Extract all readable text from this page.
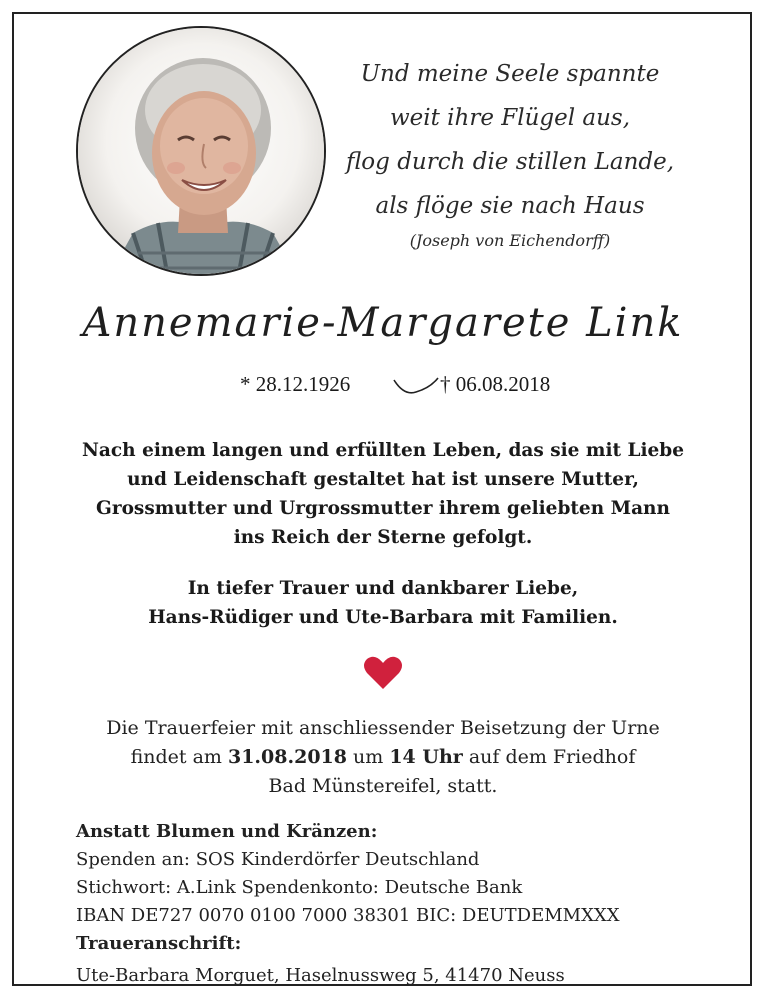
Und meine Seele spannte
weit ihre Flügel aus,
flog durch die stillen Lande,
als flöge sie nach Haus
(Joseph von Eichendorff)
Annemarie-Margarete Link
* 28.12.1926	† 06.08.2018

Nach einem langen und erfüllten Leben, das sie mit Liebe

und Leidenschaft gestaltet hat ist unsere Mutter,

Grossmutter und Urgrossmutter ihrem geliebten Mann

ins Reich der Sterne gefolgt.

In tiefer Trauer und dankbarer Liebe,

Hans-Rüdiger und Ute-Barbara mit Familien.

Die Trauerfeier mit anschliessender Beisetzung der Urne

findet am 31.08.2018 um 14 Uhr auf dem Friedhof

Bad Münstereifel, statt.

Anstatt Blumen und Kränzen:

Spenden an: SOS Kinderdörfer Deutschland

Stichwort: A.Link Spendenkonto: Deutsche Bank

IBAN DE727 0070 0100 7000 38301 BIC: DEUTDEMMXXX

Traueranschrift:

Ute-Barbara Morguet, Haselnussweg 5, 41470 Neuss
